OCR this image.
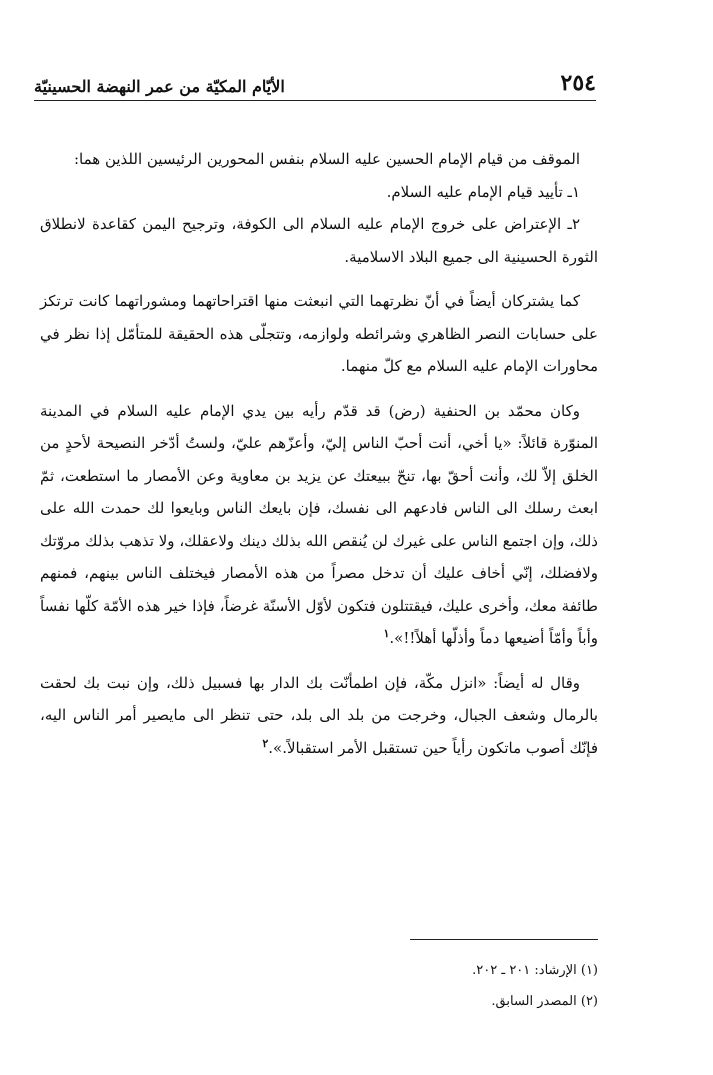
٢٥٤
الأيّام المكيّة من عمر النهضة الحسينيّة

الموقف من قيام الإمام الحسين عليه السلام بنفس المحورين الرئيسين اللذين هما:

١ـ تأييد قيام الإمام عليه السلام.

٢ـ الإعتراض على خروج الإمام عليه السلام الى الكوفة، وترجيح اليمن كقاعدة لانطلاق الثورة الحسينية الى جميع البلاد الاسلامية.

كما يشتركان أيضاً في أنّ نظرتهما التي انبعثت منها اقتراحاتهما ومشوراتهما كانت ترتكز على حسابات النصر الظاهري وشرائطه ولوازمه، وتتجلّى هذه الحقيقة للمتأمّل إذا نظر في محاورات الإمام عليه السلام مع كلّ منهما.

وكان محمّد بن الحنفية (رض) قد قدّم رأيه بين يدي الإمام عليه السلام في المدينة المنوّرة قائلاً: «يا أخي، أنت أحبّ الناس إليّ، وأعزّهم عليّ، ولستُ أدّخر النصيحة لأحدٍ من الخلق إلاّ لك، وأنت أحقّ بها، تنحّ ببيعتك عن يزيد بن معاوية وعن الأمصار ما استطعت، ثمّ ابعث رسلك الى الناس فادعهم الى نفسك، فإن بايعك الناس وبايعوا لك حمدت الله على ذلك، وإن اجتمع الناس على غيرك لن يُنقص الله بذلك دينك ولاعقلك، ولا تذهب بذلك مروّتك ولافضلك، إنّي أخاف عليك أن تدخل مصراً من هذه الأمصار فيختلف الناس بينهم، فمنهم طائفة معك، وأخرى عليك، فيقتتلون فتكون لأوّل الأسنّة غرضاً، فإذا خير هذه الأمّة كلّها نفساً وأباً وأمّاً أضيعها دماً وأذلّها أهلاً!!».$^١$

وقال له أيضاً: «انزل مكّة، فإن اطمأنّت بك الدار بها فسبيل ذلك، وإن نبت بك لحقت بالرمال وشعف الجبال، وخرجت من بلد الى بلد، حتى تنظر الى مايصير أمر الناس اليه، فإنّك أصوب ماتكون رأياً حين تستقبل الأمر استقبالاً.».$^٢$

(١) الإرشاد: ٢٠١ ـ ٢٠٢.

(٢) المصدر السابق.
